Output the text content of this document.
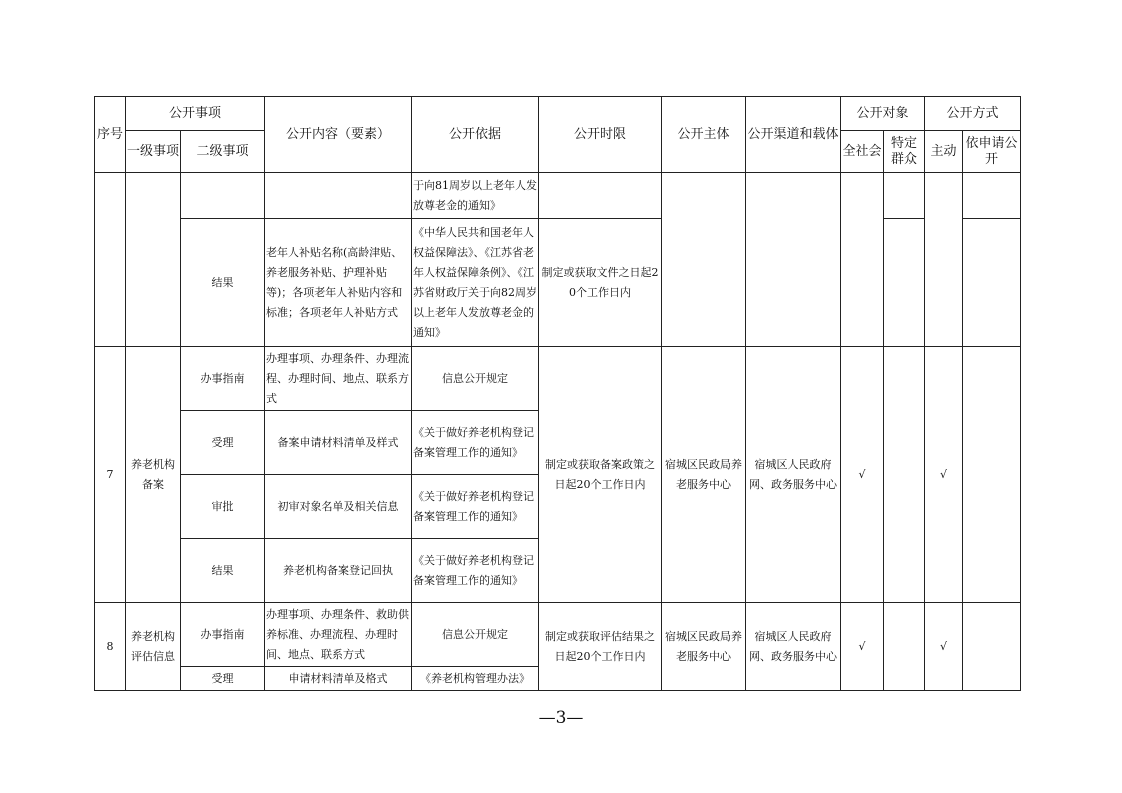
序号	公开事项		公开内容（要素）	公开依据	公开时限	公开主体	公开渠道和载体	公开对象		公开方式	
	一级事项	二级事项						全社会	特定群众	主动	依申请公开
				于向81周岁以上老年人发放尊老金的通知》							
		结果	老年人补贴名称(高龄津贴、养老服务补贴、护理补贴等)；各项老年人补贴内容和标准；各项老年人补贴方式	《中华人民共和国老年人权益保障法》、《江苏省老年人权益保障条例》、《江苏省财政厅关于向82周岁以上老年人发放尊老金的通知》	制定或获取文件之日起20个工作日内						
7	养老机构备案	办事指南	办理事项、办理条件、办理流程、办理时间、地点、联系方式	信息公开规定	制定或获取备案政策之日起20个工作日内	宿城区民政局养老服务中心	宿城区人民政府网、政务服务中心	√		√	
		受理	备案申请材料清单及样式	《关于做好养老机构登记备案管理工作的通知》							
		审批	初审对象名单及相关信息	《关于做好养老机构登记备案管理工作的通知》							
		结果	养老机构备案登记回执	《关于做好养老机构登记备案管理工作的通知》							
8	养老机构评估信息	办事指南	办理事项、办理条件、救助供养标准、办理流程、办理时间、地点、联系方式	信息公开规定	制定或获取评估结果之日起20个工作日内	宿城区民政局养老服务中心	宿城区人民政府网、政务服务中心	√		√	
		受理	申请材料清单及格式	《养老机构管理办法》							
—3—
